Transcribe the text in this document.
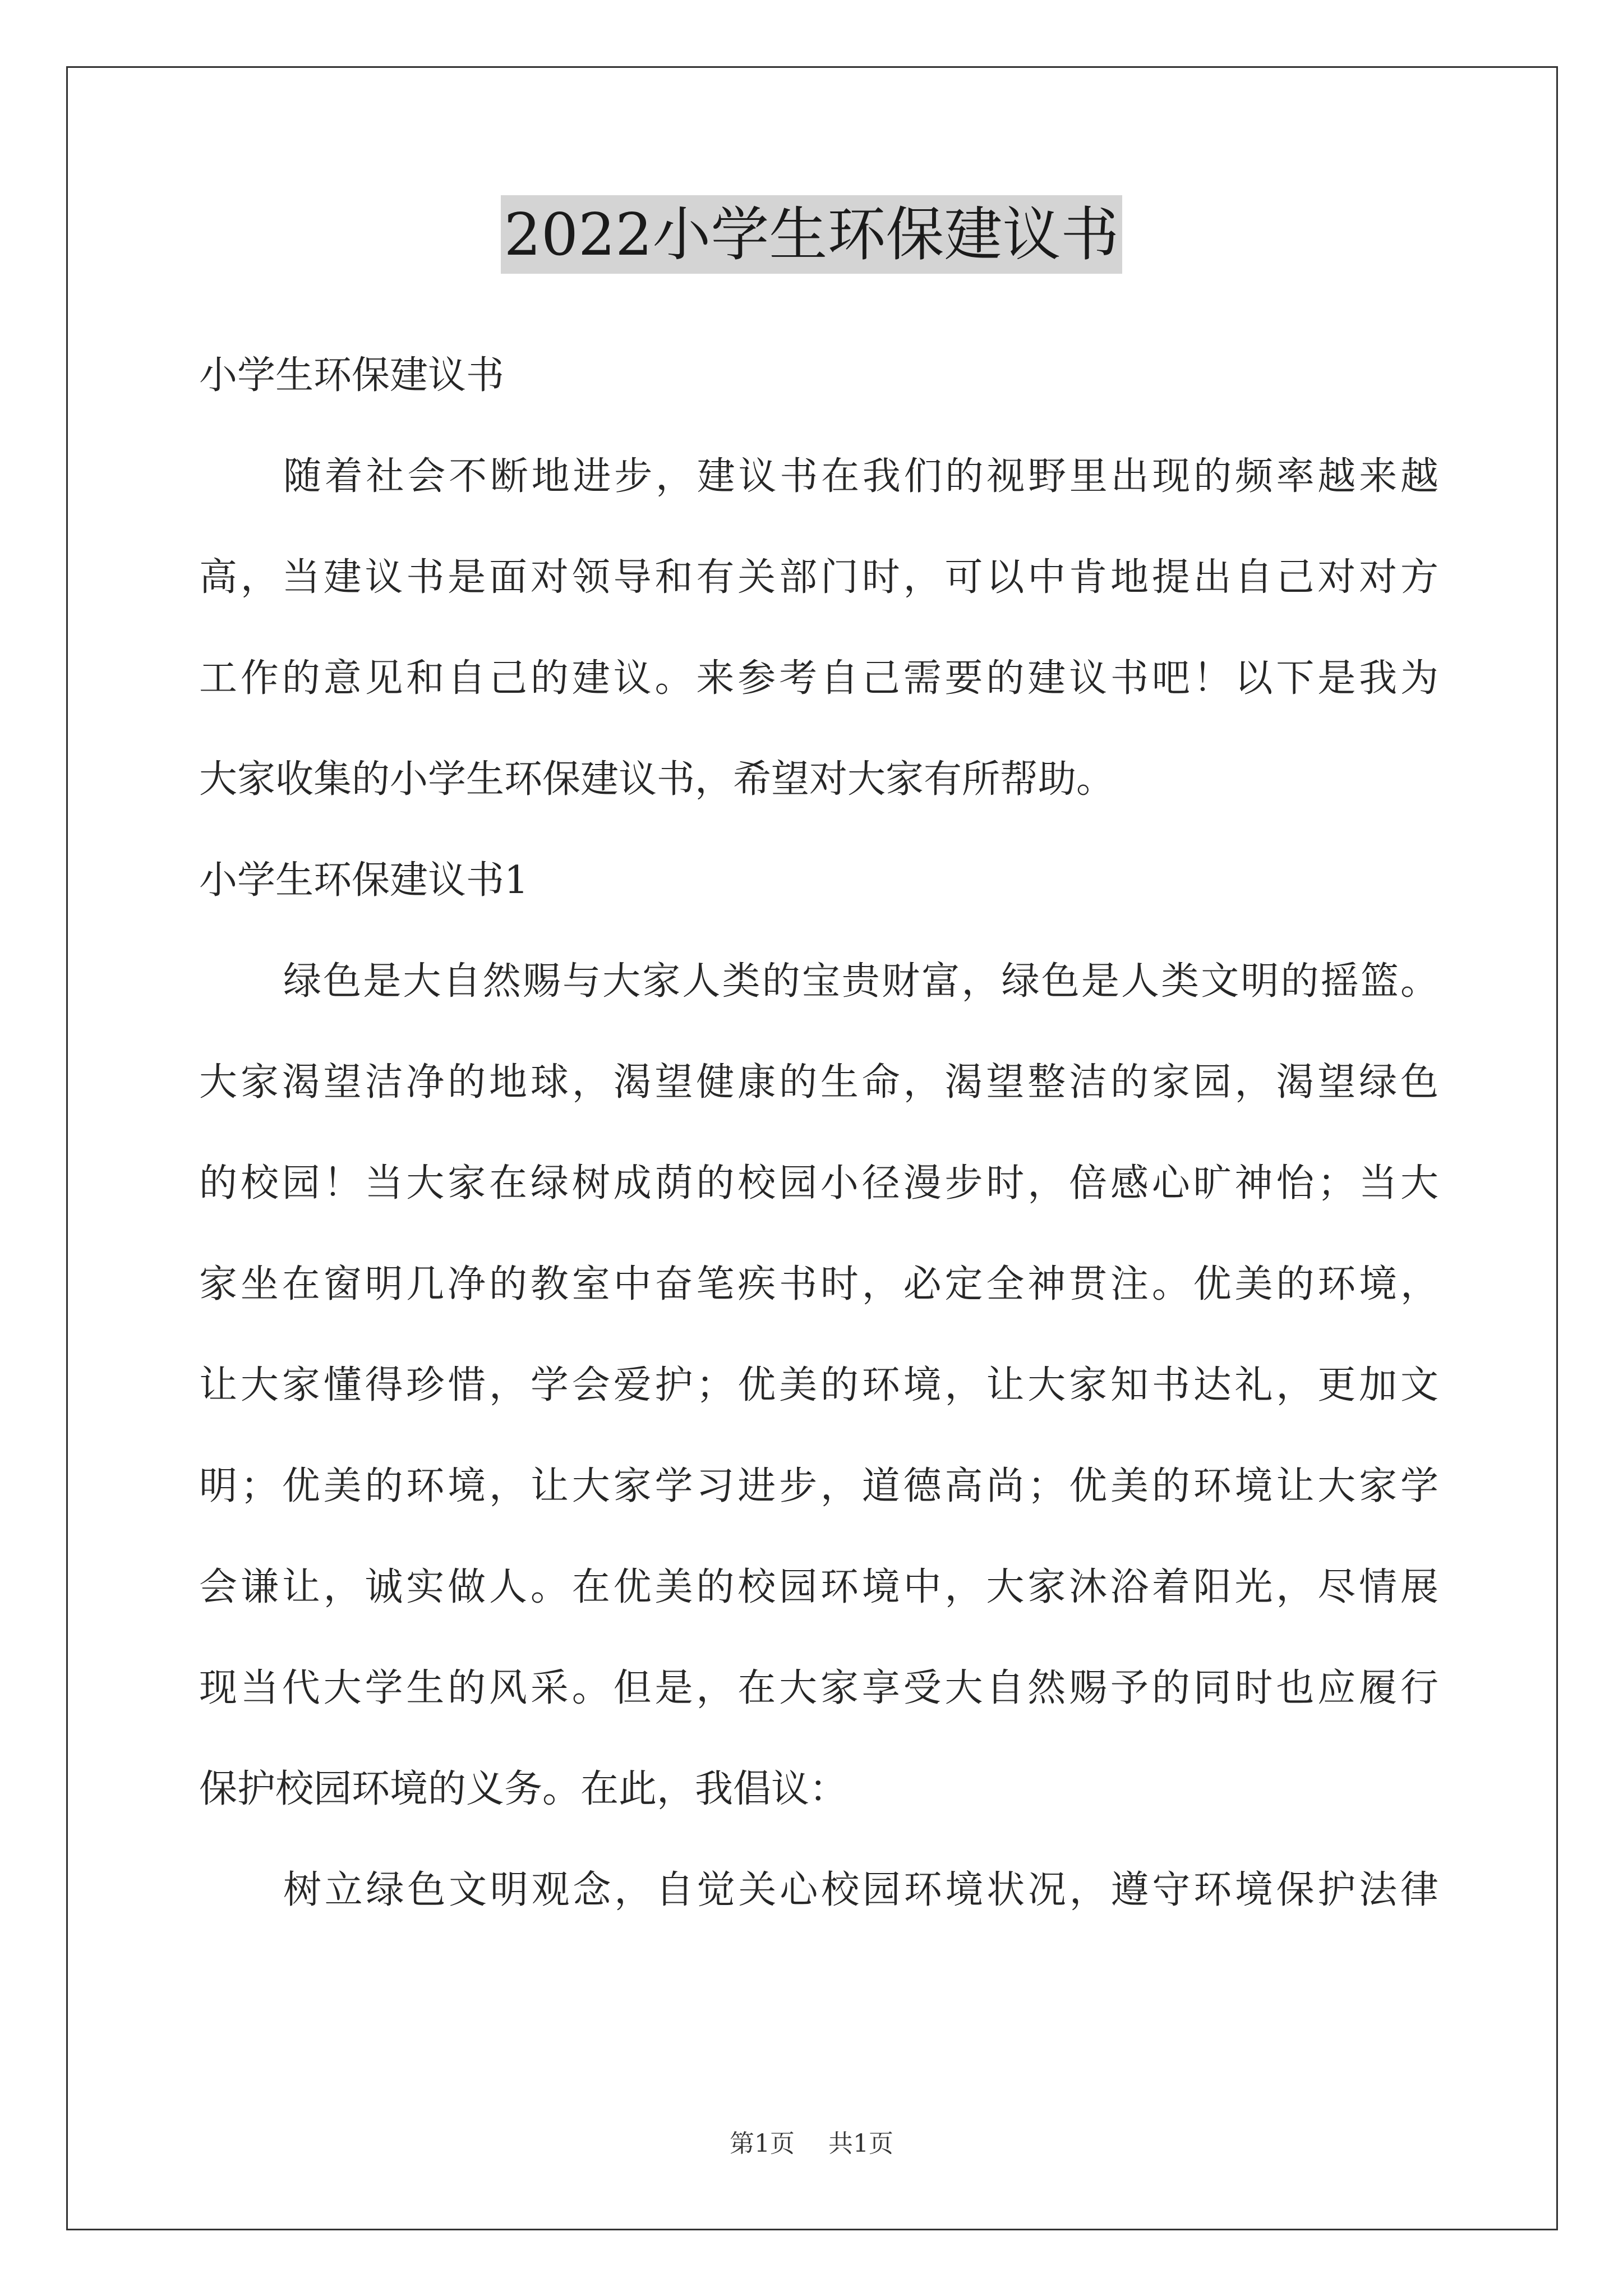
2022小学生环保建议书
小学生环保建议书
随着社会不断地进步，建议书在我们的视野里出现的频率越来越
高，当建议书是面对领导和有关部门时，可以中肯地提出自己对对方
工作的意见和自己的建议。来参考自己需要的建议书吧！以下是我为
大家收集的小学生环保建议书，希望对大家有所帮助。
小学生环保建议书1
绿色是大自然赐与大家人类的宝贵财富，绿色是人类文明的摇篮。
大家渴望洁净的地球，渴望健康的生命，渴望整洁的家园，渴望绿色
的校园！当大家在绿树成荫的校园小径漫步时，倍感心旷神怡；当大
家坐在窗明几净的教室中奋笔疾书时，必定全神贯注。优美的环境，
让大家懂得珍惜，学会爱护；优美的环境，让大家知书达礼，更加文
明；优美的环境，让大家学习进步，道德高尚；优美的环境让大家学
会谦让，诚实做人。在优美的校园环境中，大家沐浴着阳光，尽情展
现当代大学生的风采。但是，在大家享受大自然赐予的同时也应履行
保护校园环境的义务。在此，我倡议：
树立绿色文明观念，自觉关心校园环境状况，遵守环境保护法律
第1页 共1页
